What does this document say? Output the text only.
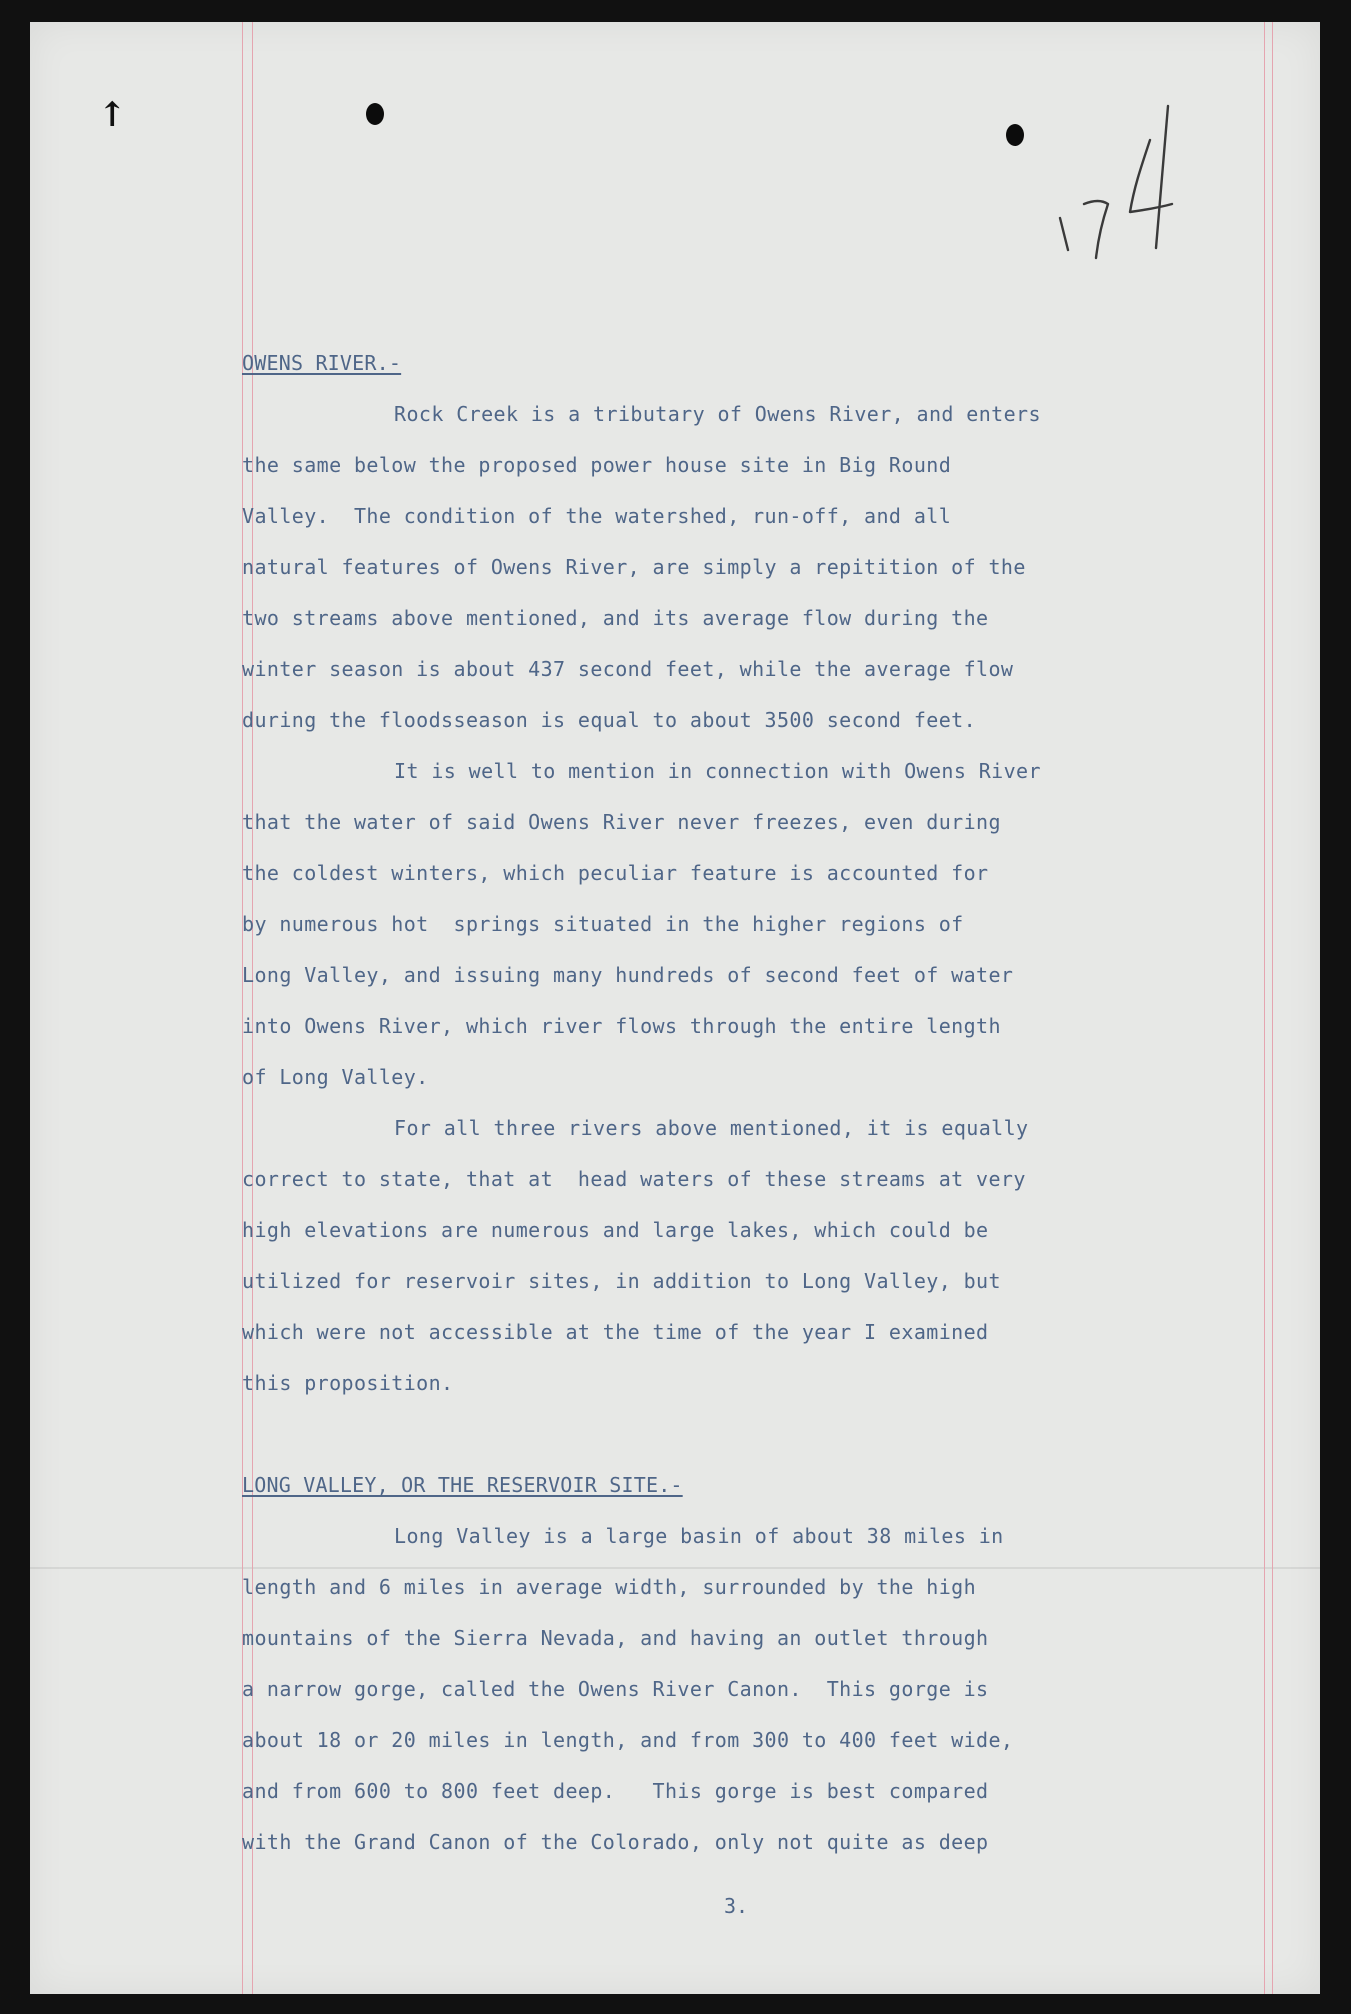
↑
OWENS RIVER.-
Rock Creek is a tributary of Owens River, and enters
the same below the proposed power house site in Big Round
Valley.  The condition of the watershed, run-off, and all
natural features of Owens River, are simply a repitition of the
two streams above mentioned, and its average flow during the
winter season is about 437 second feet, while the average flow
during the floodsseason is equal to about 3500 second feet.
It is well to mention in connection with Owens River
that the water of said Owens River never freezes, even during
the coldest winters, which peculiar feature is accounted for
by numerous hot  springs situated in the higher regions of
Long Valley, and issuing many hundreds of second feet of water
into Owens River, which river flows through the entire length
of Long Valley.
For all three rivers above mentioned, it is equally
correct to state, that at  head waters of these streams at very
high elevations are numerous and large lakes, which could be
utilized for reservoir sites, in addition to Long Valley, but
which were not accessible at the time of the year I examined
this proposition.
LONG VALLEY, OR THE RESERVOIR SITE.-
Long Valley is a large basin of about 38 miles in
length and 6 miles in average width, surrounded by the high
mountains of the Sierra Nevada, and having an outlet through
a narrow gorge, called the Owens River Canon.  This gorge is
about 18 or 20 miles in length, and from 300 to 400 feet wide,
and from 600 to 800 feet deep.   This gorge is best compared
with the Grand Canon of the Colorado, only not quite as deep
3.
